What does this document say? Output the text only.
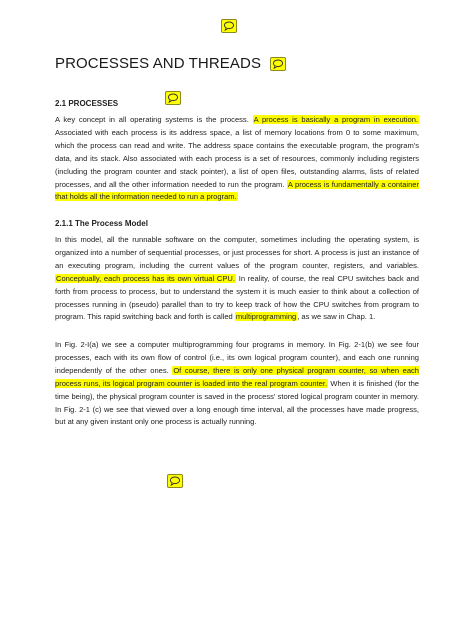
PROCESSES AND THREADS
2.1 PROCESSES

A key concept in all operating systems is the process. A process is basically a program in execution. Associated with each process is its address space, a list of memory locations from 0 to some maximum, which the process can read and write. The address space contains the executable program, the program's data, and its stack. Also associated with each process is a set of resources, commonly including registers (including the program counter and stack pointer), a list of open files, outstanding alarms, lists of related processes, and all the other information needed to run the program. A process is fundamentally a container that holds all the information needed to run a program.

2.1.1 The Process Model

In this model, all the runnable software on the computer, sometimes including the operating system, is organized into a number of sequential processes, or just processes for short. A process is just an instance of an executing program, including the current values of the program counter, registers, and variables. Conceptually, each process has its own virtual CPU. In reality, of course, the real CPU switches back and forth from process to process, but to understand the system it is much easier to think about a collection of processes running in (pseudo) parallel than to try to keep track of how the CPU switches from program to program. This rapid switching back and forth is called multiprogramming, as we saw in Chap. 1.

In Fig. 2-I(a) we see a computer multiprogramming four programs in memory. In Fig. 2-1(b) we see four processes, each with its own flow of control (i.e., its own logical program counter), and each one running independently of the other ones. Of course, there is only one physical program counter, so when each process runs, its logical program counter is loaded into the real program counter. When it is finished (for the time being), the physical program counter is saved in the process' stored logical program counter in memory. In Fig. 2-1 (c) we see that viewed over a long enough time interval, all the processes have made progress, but at any given instant only one process is actually running.
